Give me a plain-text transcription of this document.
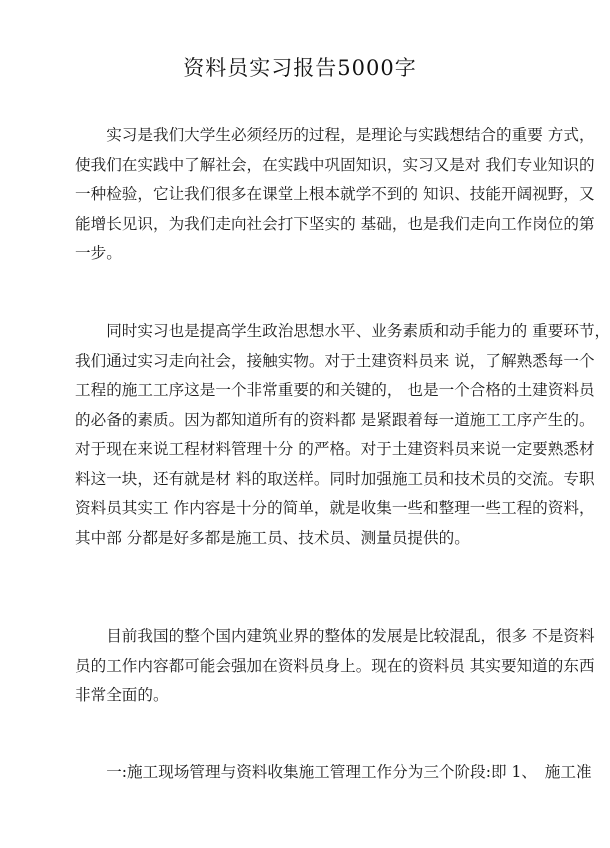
资料员实习报告5000字

　　实习是我们大学生必须经历的过程，是理论与实践想结合的重要 方式，
使我们在实践中了解社会，在实践中巩固知识，实习又是对 我们专业知识的
一种检验，它让我们很多在课堂上根本就学不到的 知识、技能开阔视野，又
能增长见识，为我们走向社会打下坚实的 基础，也是我们走向工作岗位的第
一步。

　　同时实习也是提高学生政治思想水平、业务素质和动手能力的 重要环节，
我们通过实习走向社会，接触实物。对于土建资料员来 说，了解熟悉每一个
工程的施工工序这是一个非常重要的和关键的， 也是一个合格的土建资料员
的必备的素质。因为都知道所有的资料都 是紧跟着每一道施工工序产生的。
对于现在来说工程材料管理十分 的严格。对于土建资料员来说一定要熟悉材
料这一块，还有就是材 料的取送样。同时加强施工员和技术员的交流。专职
资料员其实工 作内容是十分的简单，就是收集一些和整理一些工程的资料，
其中部 分都是好多都是施工员、技术员、测量员提供的。

　　目前我国的整个国内建筑业界的整体的发展是比较混乱，很多 不是资料
员的工作内容都可能会强加在资料员身上。现在的资料员 其实要知道的东西
非常全面的。

　　一:施工现场管理与资料收集施工管理工作分为三个阶段:即 1、　施工准
